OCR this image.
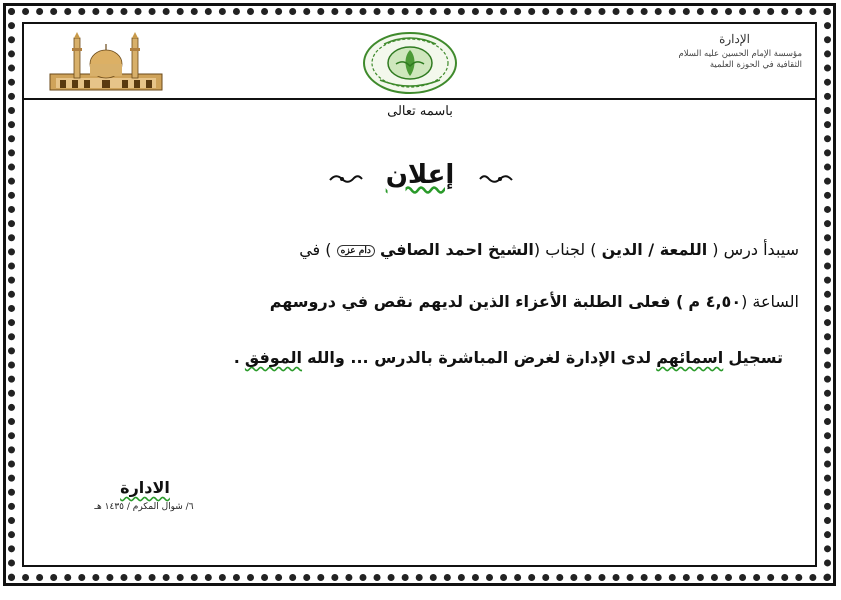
الإدارة
مؤسسة الإمام الحسين عليه السلام الثقافية في الحوزة العلمية
باسمه تعالى
إعلان
سيبدأ درس ( اللمعة / الدين ) لجناب (الشيخ احمد الصافي دام عزه ) في
الساعة (٤,٥٠ م ) فعلى الطلبة الأعزاء الذين لديهم نقص في دروسهم
تسجيل اسمائهم لدى الإدارة لغرض المباشرة بالدرس ... والله الموفق .
الادارة
٦/ شوال المكرم / ١٤٣٥ هـ
